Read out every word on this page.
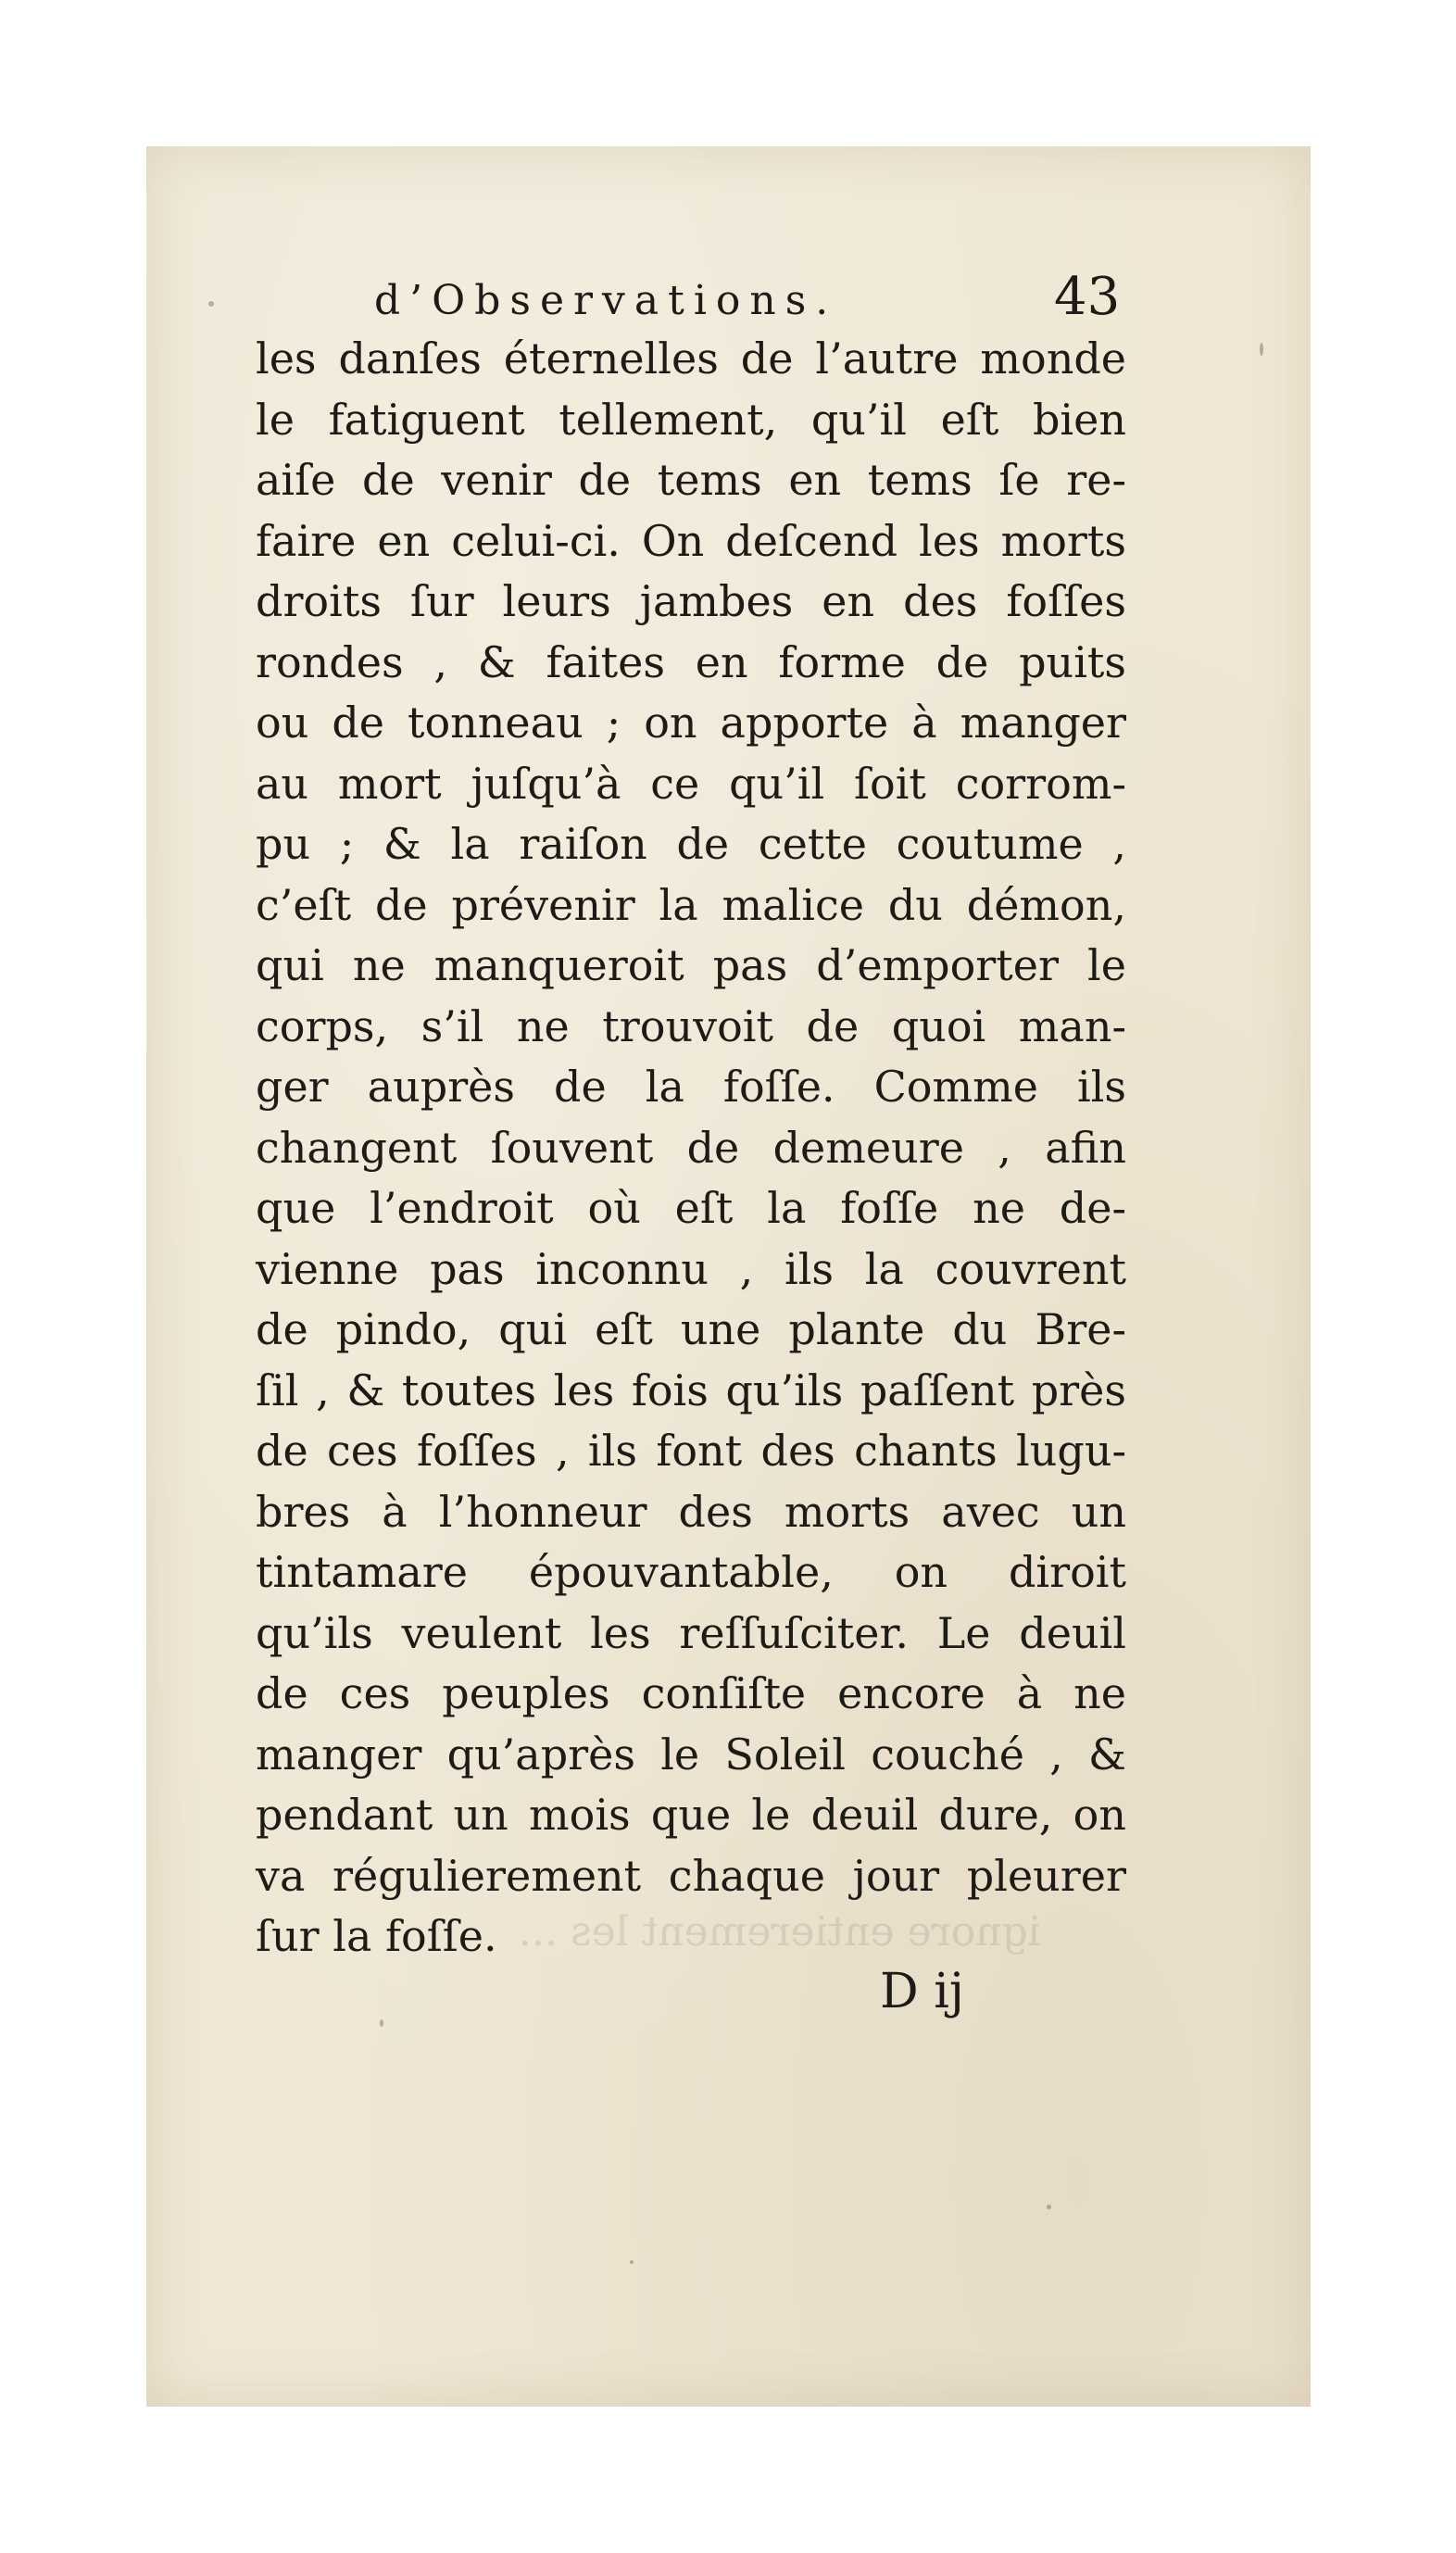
ignore entierement les ...
d’Observations.	43
les danſes éternelles de l’autre monde
le fatiguent tellement, qu’il eſt bien
aiſe de venir de tems en tems ſe re-
faire en celui-ci. On deſcend les morts
droits ſur leurs jambes en des foſſes
rondes , & faites en forme de puits
ou de tonneau ; on apporte à manger
au mort juſqu’à ce qu’il ſoit corrom-
pu ; & la raiſon de cette coutume ,
c’eſt de prévenir la malice du démon,
qui ne manqueroit pas d’emporter le
corps, s’il ne trouvoit de quoi man-
ger auprès de la foſſe. Comme ils
changent ſouvent de demeure , afin
que l’endroit où eſt la foſſe ne de-
vienne pas inconnu , ils la couvrent
de pindo, qui eſt une plante du Bre-
ſil , & toutes les fois qu’ils paſſent près
de ces foſſes , ils font des chants lugu-
bres à l’honneur des morts avec un
tintamare épouvantable, on diroit
qu’ils veulent les reſſuſciter. Le deuil
de ces peuples conſiſte encore à ne
manger qu’après le Soleil couché , &
pendant un mois que le deuil dure, on
va régulierement chaque jour pleurer
ſur la foſſe.
D ij
